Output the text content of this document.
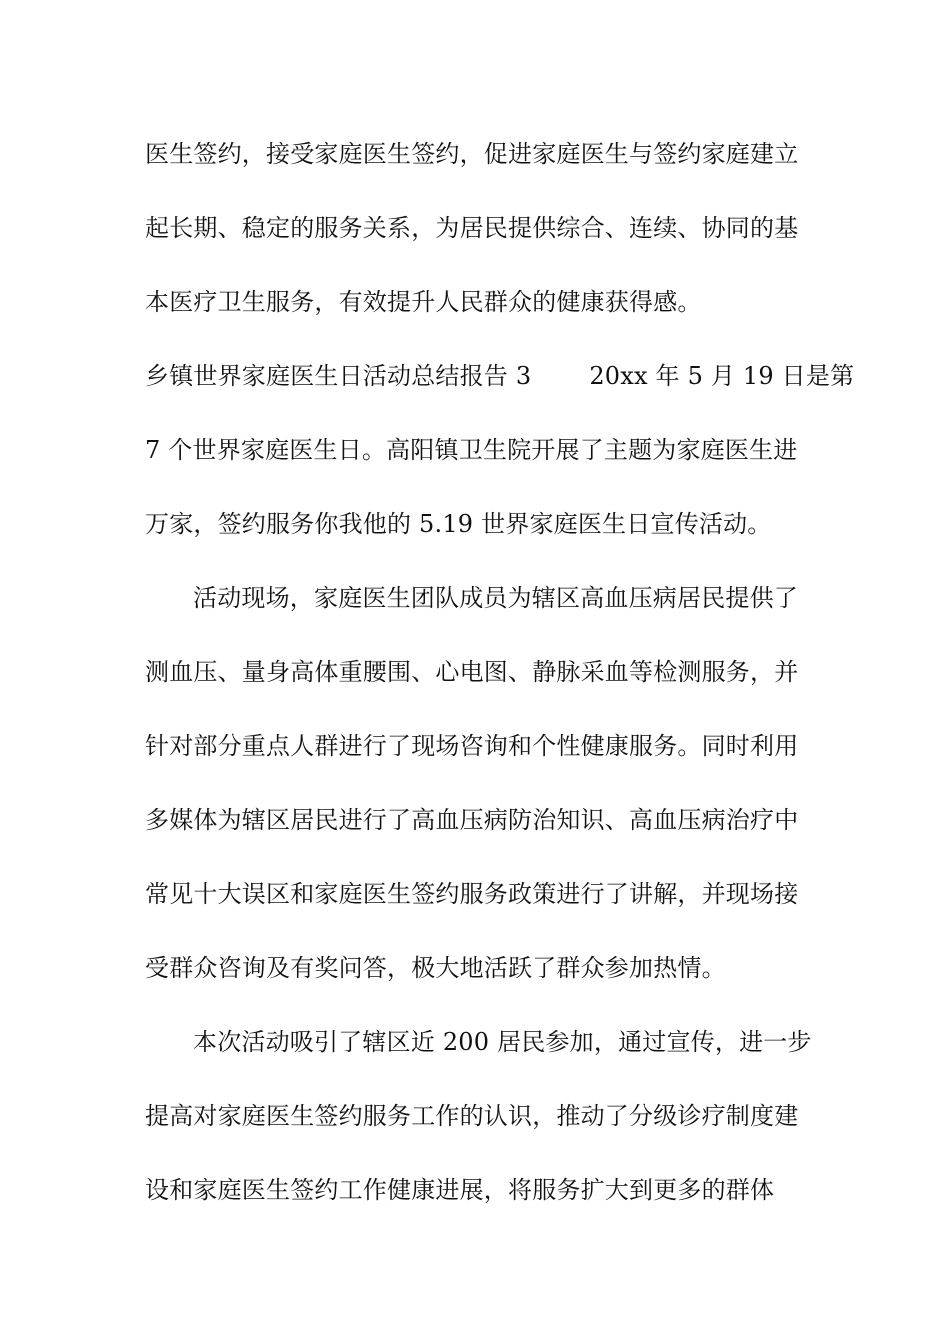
医生签约，接受家庭医生签约，促进家庭医生与签约家庭建立
起长期、稳定的服务关系，为居民提供综合、连续、协同的基
本医疗卫生服务，有效提升人民群众的健康获得感。
乡镇世界家庭医生日活动总结报告 3 20xx 年 5 月 19 日是第
7 个世界家庭医生日。高阳镇卫生院开展了主题为家庭医生进
万家，签约服务你我他的 5.19 世界家庭医生日宣传活动。
活动现场，家庭医生团队成员为辖区高血压病居民提供了
测血压、量身高体重腰围、心电图、静脉采血等检测服务，并
针对部分重点人群进行了现场咨询和个性健康服务。同时利用
多媒体为辖区居民进行了高血压病防治知识、高血压病治疗中
常见十大误区和家庭医生签约服务政策进行了讲解，并现场接
受群众咨询及有奖问答，极大地活跃了群众参加热情。
本次活动吸引了辖区近 200 居民参加，通过宣传，进一步
提高对家庭医生签约服务工作的认识，推动了分级诊疗制度建
设和家庭医生签约工作健康进展，将服务扩大到更多的群体
